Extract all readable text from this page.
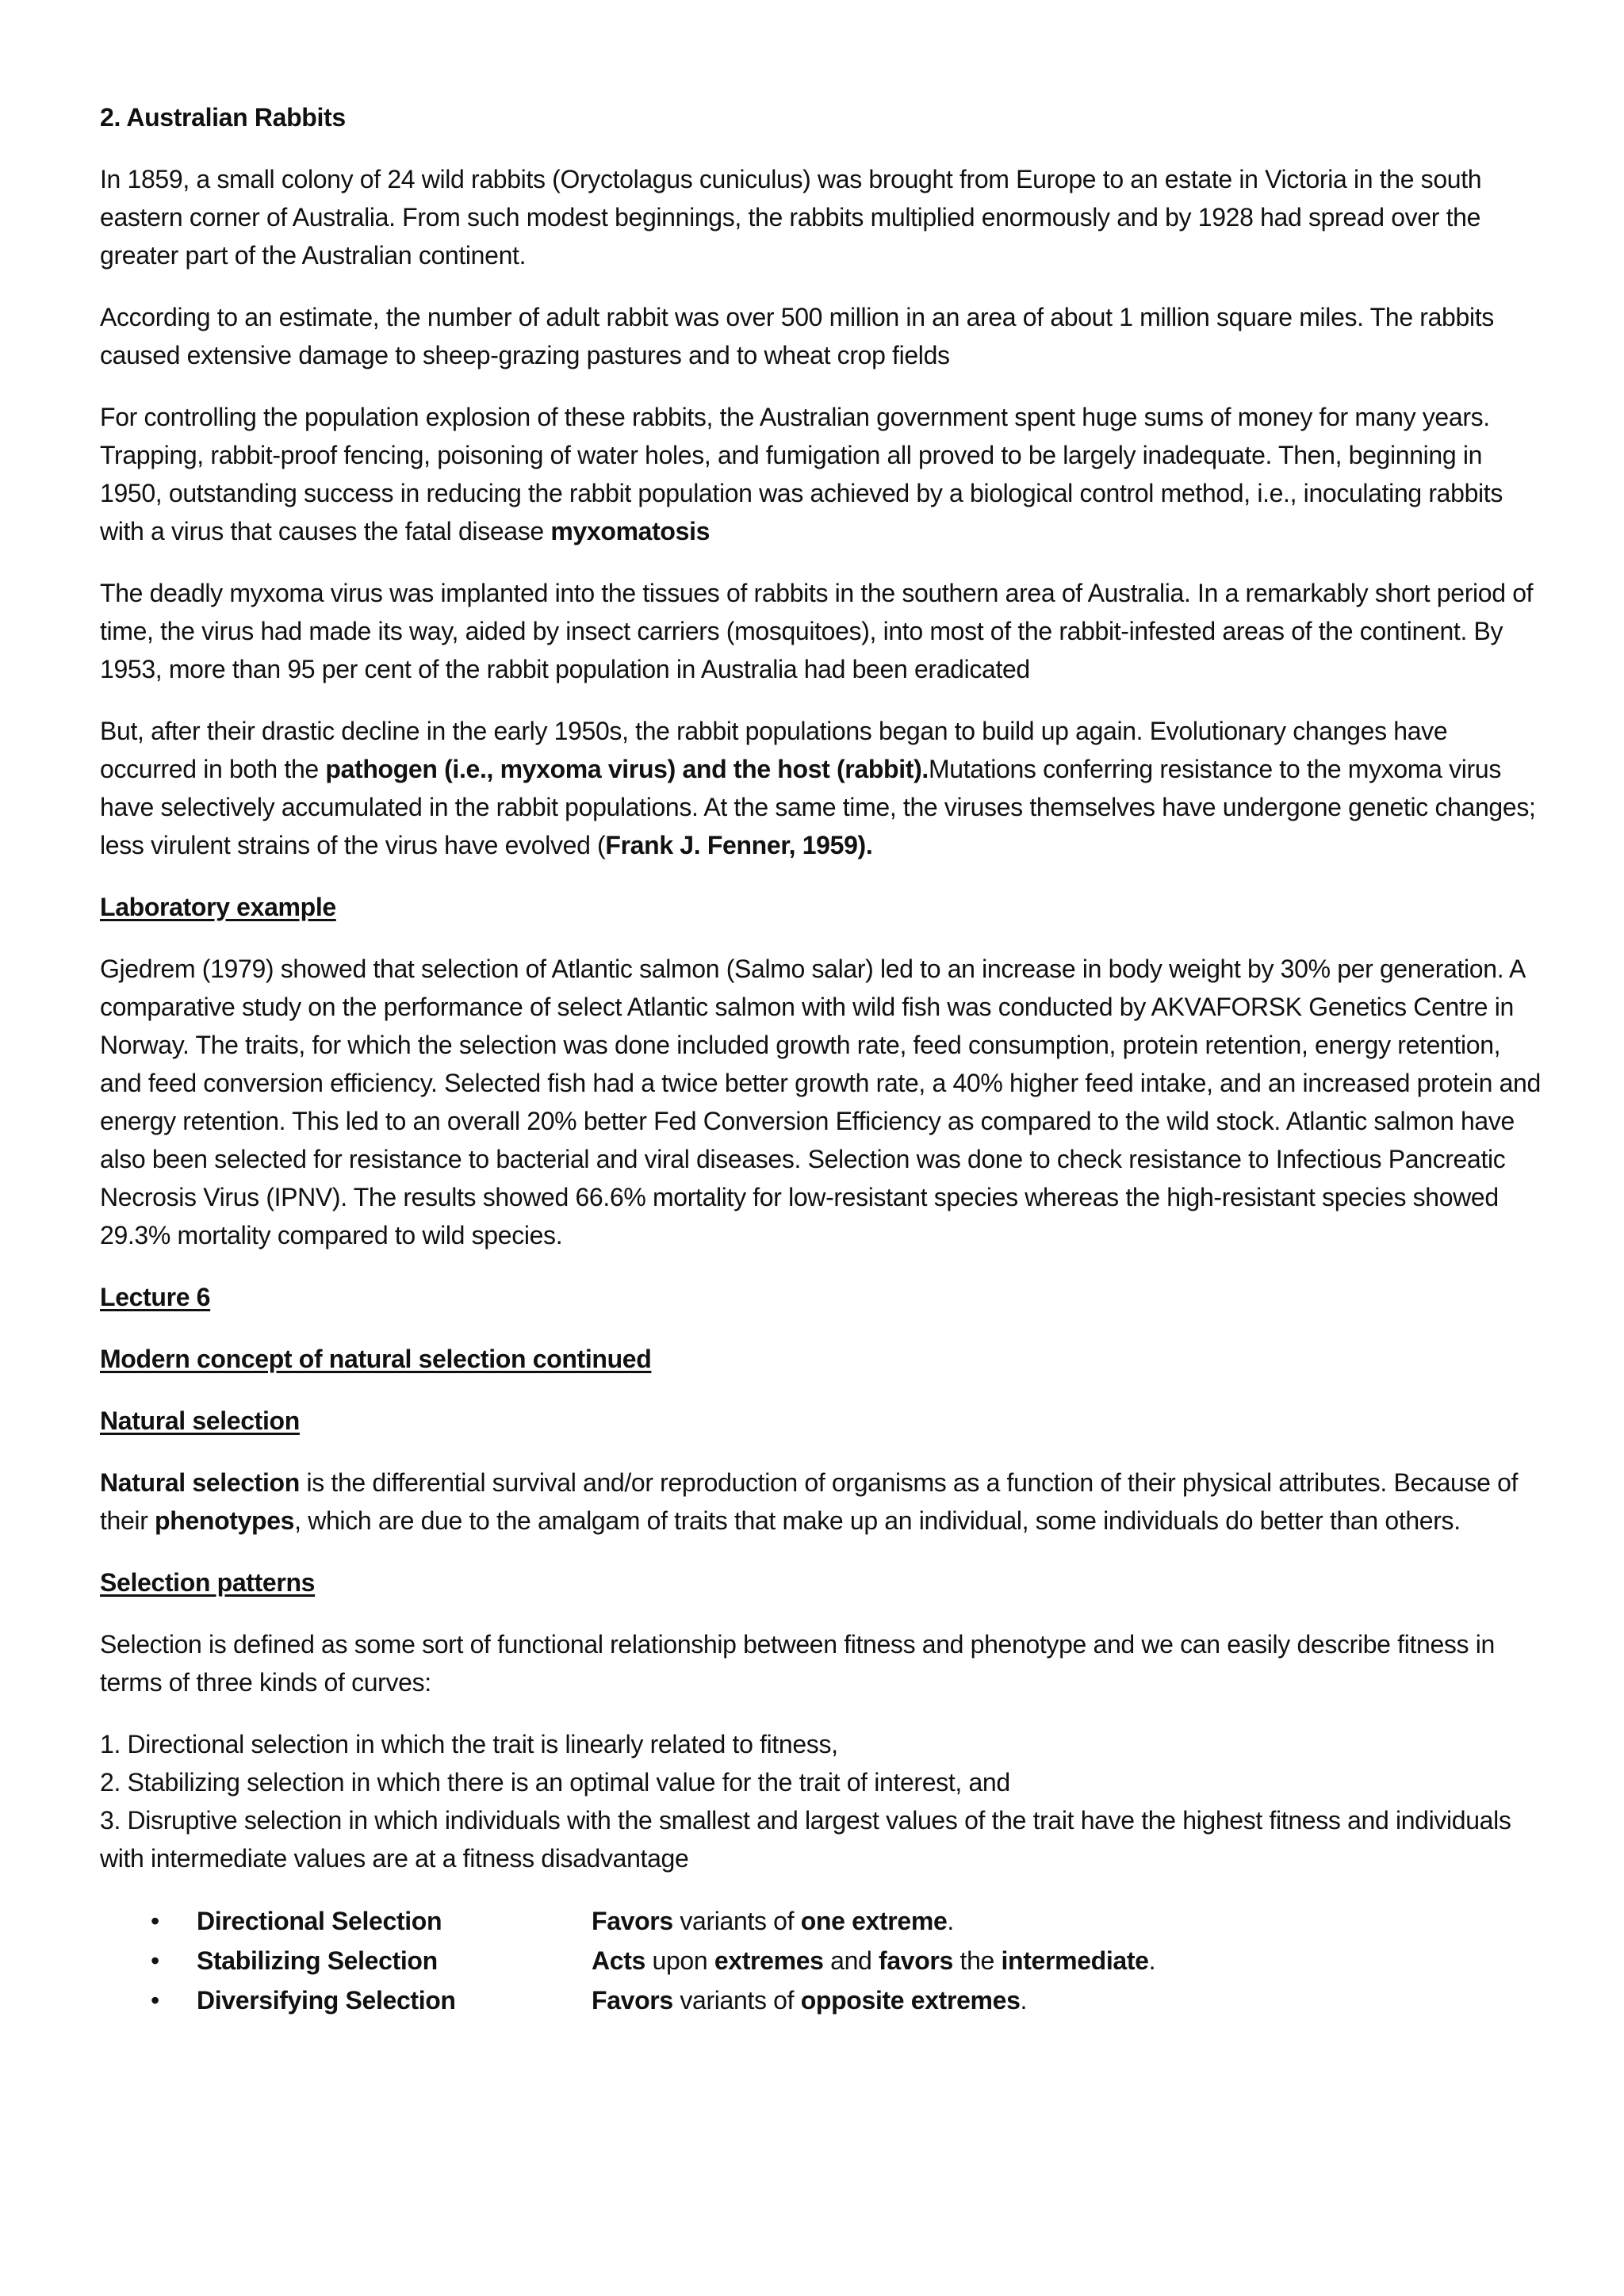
2. Australian Rabbits

In 1859, a small colony of 24 wild rabbits (Oryctolagus cuniculus) was brought from Europe to an estate in Victoria in the south eastern corner of Australia. From such modest beginnings, the rabbits multiplied enormously and by 1928 had spread over the greater part of the Australian continent.

According to an estimate, the number of adult rabbit was over 500 million in an area of about 1 million square miles. The rabbits caused extensive damage to sheep-grazing pastures and to wheat crop fields

For controlling the population explosion of these rabbits, the Australian government spent huge sums of money for many years. Trapping, rabbit-proof fencing, poisoning of water holes, and fumigation all proved to be largely inadequate. Then, beginning in 1950, outstanding success in reducing the rabbit population was achieved by a biological control method, i.e., inoculating rabbits with a virus that causes the fatal disease myxomatosis

The deadly myxoma virus was implanted into the tissues of rabbits in the southern area of Australia. In a remarkably short period of time, the virus had made its way, aided by insect carriers (mosquitoes), into most of the rabbit-infested areas of the continent. By 1953, more than 95 per cent of the rabbit population in Australia had been eradicated

But, after their drastic decline in the early 1950s, the rabbit populations began to build up again. Evolutionary changes have occurred in both the pathogen (i.e., myxoma virus) and the host (rabbit).Mutations conferring resistance to the myxoma virus have selectively accumulated in the rabbit populations. At the same time, the viruses themselves have undergone genetic changes; less virulent strains of the virus have evolved (Frank J. Fenner, 1959).

Laboratory example

Gjedrem (1979) showed that selection of Atlantic salmon (Salmo salar) led to an increase in body weight by 30% per generation. A comparative study on the performance of select Atlantic salmon with wild fish was conducted by AKVAFORSK Genetics Centre in Norway. The traits, for which the selection was done included growth rate, feed consumption, protein retention, energy retention, and feed conversion efficiency. Selected fish had a twice better growth rate, a 40% higher feed intake, and an increased protein and energy retention. This led to an overall 20% better Fed Conversion Efficiency as compared to the wild stock. Atlantic salmon have also been selected for resistance to bacterial and viral diseases. Selection was done to check resistance to Infectious Pancreatic Necrosis Virus (IPNV). The results showed 66.6% mortality for low-resistant species whereas the high-resistant species showed 29.3% mortality compared to wild species.

Lecture 6

Modern concept of natural selection continued

Natural selection

Natural selection is the differential survival and/or reproduction of organisms as a function of their physical attributes. Because of their phenotypes, which are due to the amalgam of traits that make up an individual, some individuals do better than others.

Selection patterns

Selection is defined as some sort of functional relationship between fitness and phenotype and we can easily describe fitness in terms of three kinds of curves:

1. Directional selection in which the trait is linearly related to fitness,

2. Stabilizing selection in which there is an optimal value for the trait of interest, and

3. Disruptive selection in which individuals with the smallest and largest values of the trait have the highest fitness and individuals with intermediate values are at a fitness disadvantage

• Directional Selection	Favors variants of one extreme.
• Stabilizing Selection	Acts upon extremes and favors the intermediate.
• Diversifying Selection	Favors variants of opposite extremes.
